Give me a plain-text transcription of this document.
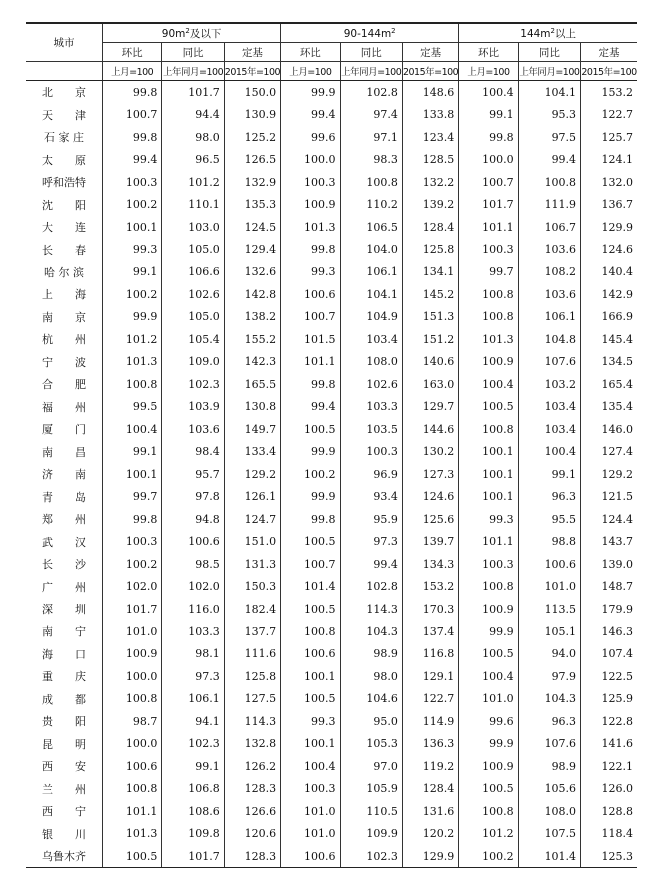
城市	$90m^2$及以下			$90-144m^2$			$144m^2$以上		
	环比	同比	定基	环比	同比	定基	环比	同比	定基
	上月=100	上年同月=100	2015年=100	上月=100	上年同月=100	2015年=100	上月=100	上年同月=100	2015年=100
北　　京	99.8	101.7	150.0	99.9	102.8	148.6	100.4	104.1	153.2
天　　津	100.7	94.4	130.9	99.4	97.4	133.8	99.1	95.3	122.7
石 家 庄	99.8	98.0	125.2	99.6	97.1	123.4	99.8	97.5	125.7
太　　原	99.4	96.5	126.5	100.0	98.3	128.5	100.0	99.4	124.1
呼和浩特	100.3	101.2	132.9	100.3	100.8	132.2	100.7	100.8	132.0
沈　　阳	100.2	110.1	135.3	100.9	110.2	139.2	101.7	111.9	136.7
大　　连	100.1	103.0	124.5	101.3	106.5	128.4	101.1	106.7	129.9
长　　春	99.3	105.0	129.4	99.8	104.0	125.8	100.3	103.6	124.6
哈 尔 滨	99.1	106.6	132.6	99.3	106.1	134.1	99.7	108.2	140.4
上　　海	100.2	102.6	142.8	100.6	104.1	145.2	100.8	103.6	142.9
南　　京	99.9	105.0	138.2	100.7	104.9	151.3	100.8	106.1	166.9
杭　　州	101.2	105.4	155.2	101.5	103.4	151.2	101.3	104.8	145.4
宁　　波	101.3	109.0	142.3	101.1	108.0	140.6	100.9	107.6	134.5
合　　肥	100.8	102.3	165.5	99.8	102.6	163.0	100.4	103.2	165.4
福　　州	99.5	103.9	130.8	99.4	103.3	129.7	100.5	103.4	135.4
厦　　门	100.4	103.6	149.7	100.5	103.5	144.6	100.8	103.4	146.0
南　　昌	99.1	98.4	133.4	99.9	100.3	130.2	100.1	100.4	127.4
济　　南	100.1	95.7	129.2	100.2	96.9	127.3	100.1	99.1	129.2
青　　岛	99.7	97.8	126.1	99.9	93.4	124.6	100.1	96.3	121.5
郑　　州	99.8	94.8	124.7	99.8	95.9	125.6	99.3	95.5	124.4
武　　汉	100.3	100.6	151.0	100.5	97.3	139.7	101.1	98.8	143.7
长　　沙	100.2	98.5	131.3	100.7	99.4	134.3	100.3	100.6	139.0
广　　州	102.0	102.0	150.3	101.4	102.8	153.2	100.8	101.0	148.7
深　　圳	101.7	116.0	182.4	100.5	114.3	170.3	100.9	113.5	179.9
南　　宁	101.0	103.3	137.7	100.8	104.3	137.4	99.9	105.1	146.3
海　　口	100.9	98.1	111.6	100.6	98.9	116.8	100.5	94.0	107.4
重　　庆	100.0	97.3	125.8	100.1	98.0	129.1	100.4	97.9	122.5
成　　都	100.8	106.1	127.5	100.5	104.6	122.7	101.0	104.3	125.9
贵　　阳	98.7	94.1	114.3	99.3	95.0	114.9	99.6	96.3	122.8
昆　　明	100.0	102.3	132.8	100.1	105.3	136.3	99.9	107.6	141.6
西　　安	100.6	99.1	126.2	100.4	97.0	119.2	100.9	98.9	122.1
兰　　州	100.8	106.8	128.3	100.3	105.9	128.4	100.5	105.6	126.0
西　　宁	101.1	108.6	126.6	101.0	110.5	131.6	100.8	108.0	128.8
银　　川	101.3	109.8	120.6	101.0	109.9	120.2	101.2	107.5	118.4
乌鲁木齐	100.5	101.7	128.3	100.6	102.3	129.9	100.2	101.4	125.3
